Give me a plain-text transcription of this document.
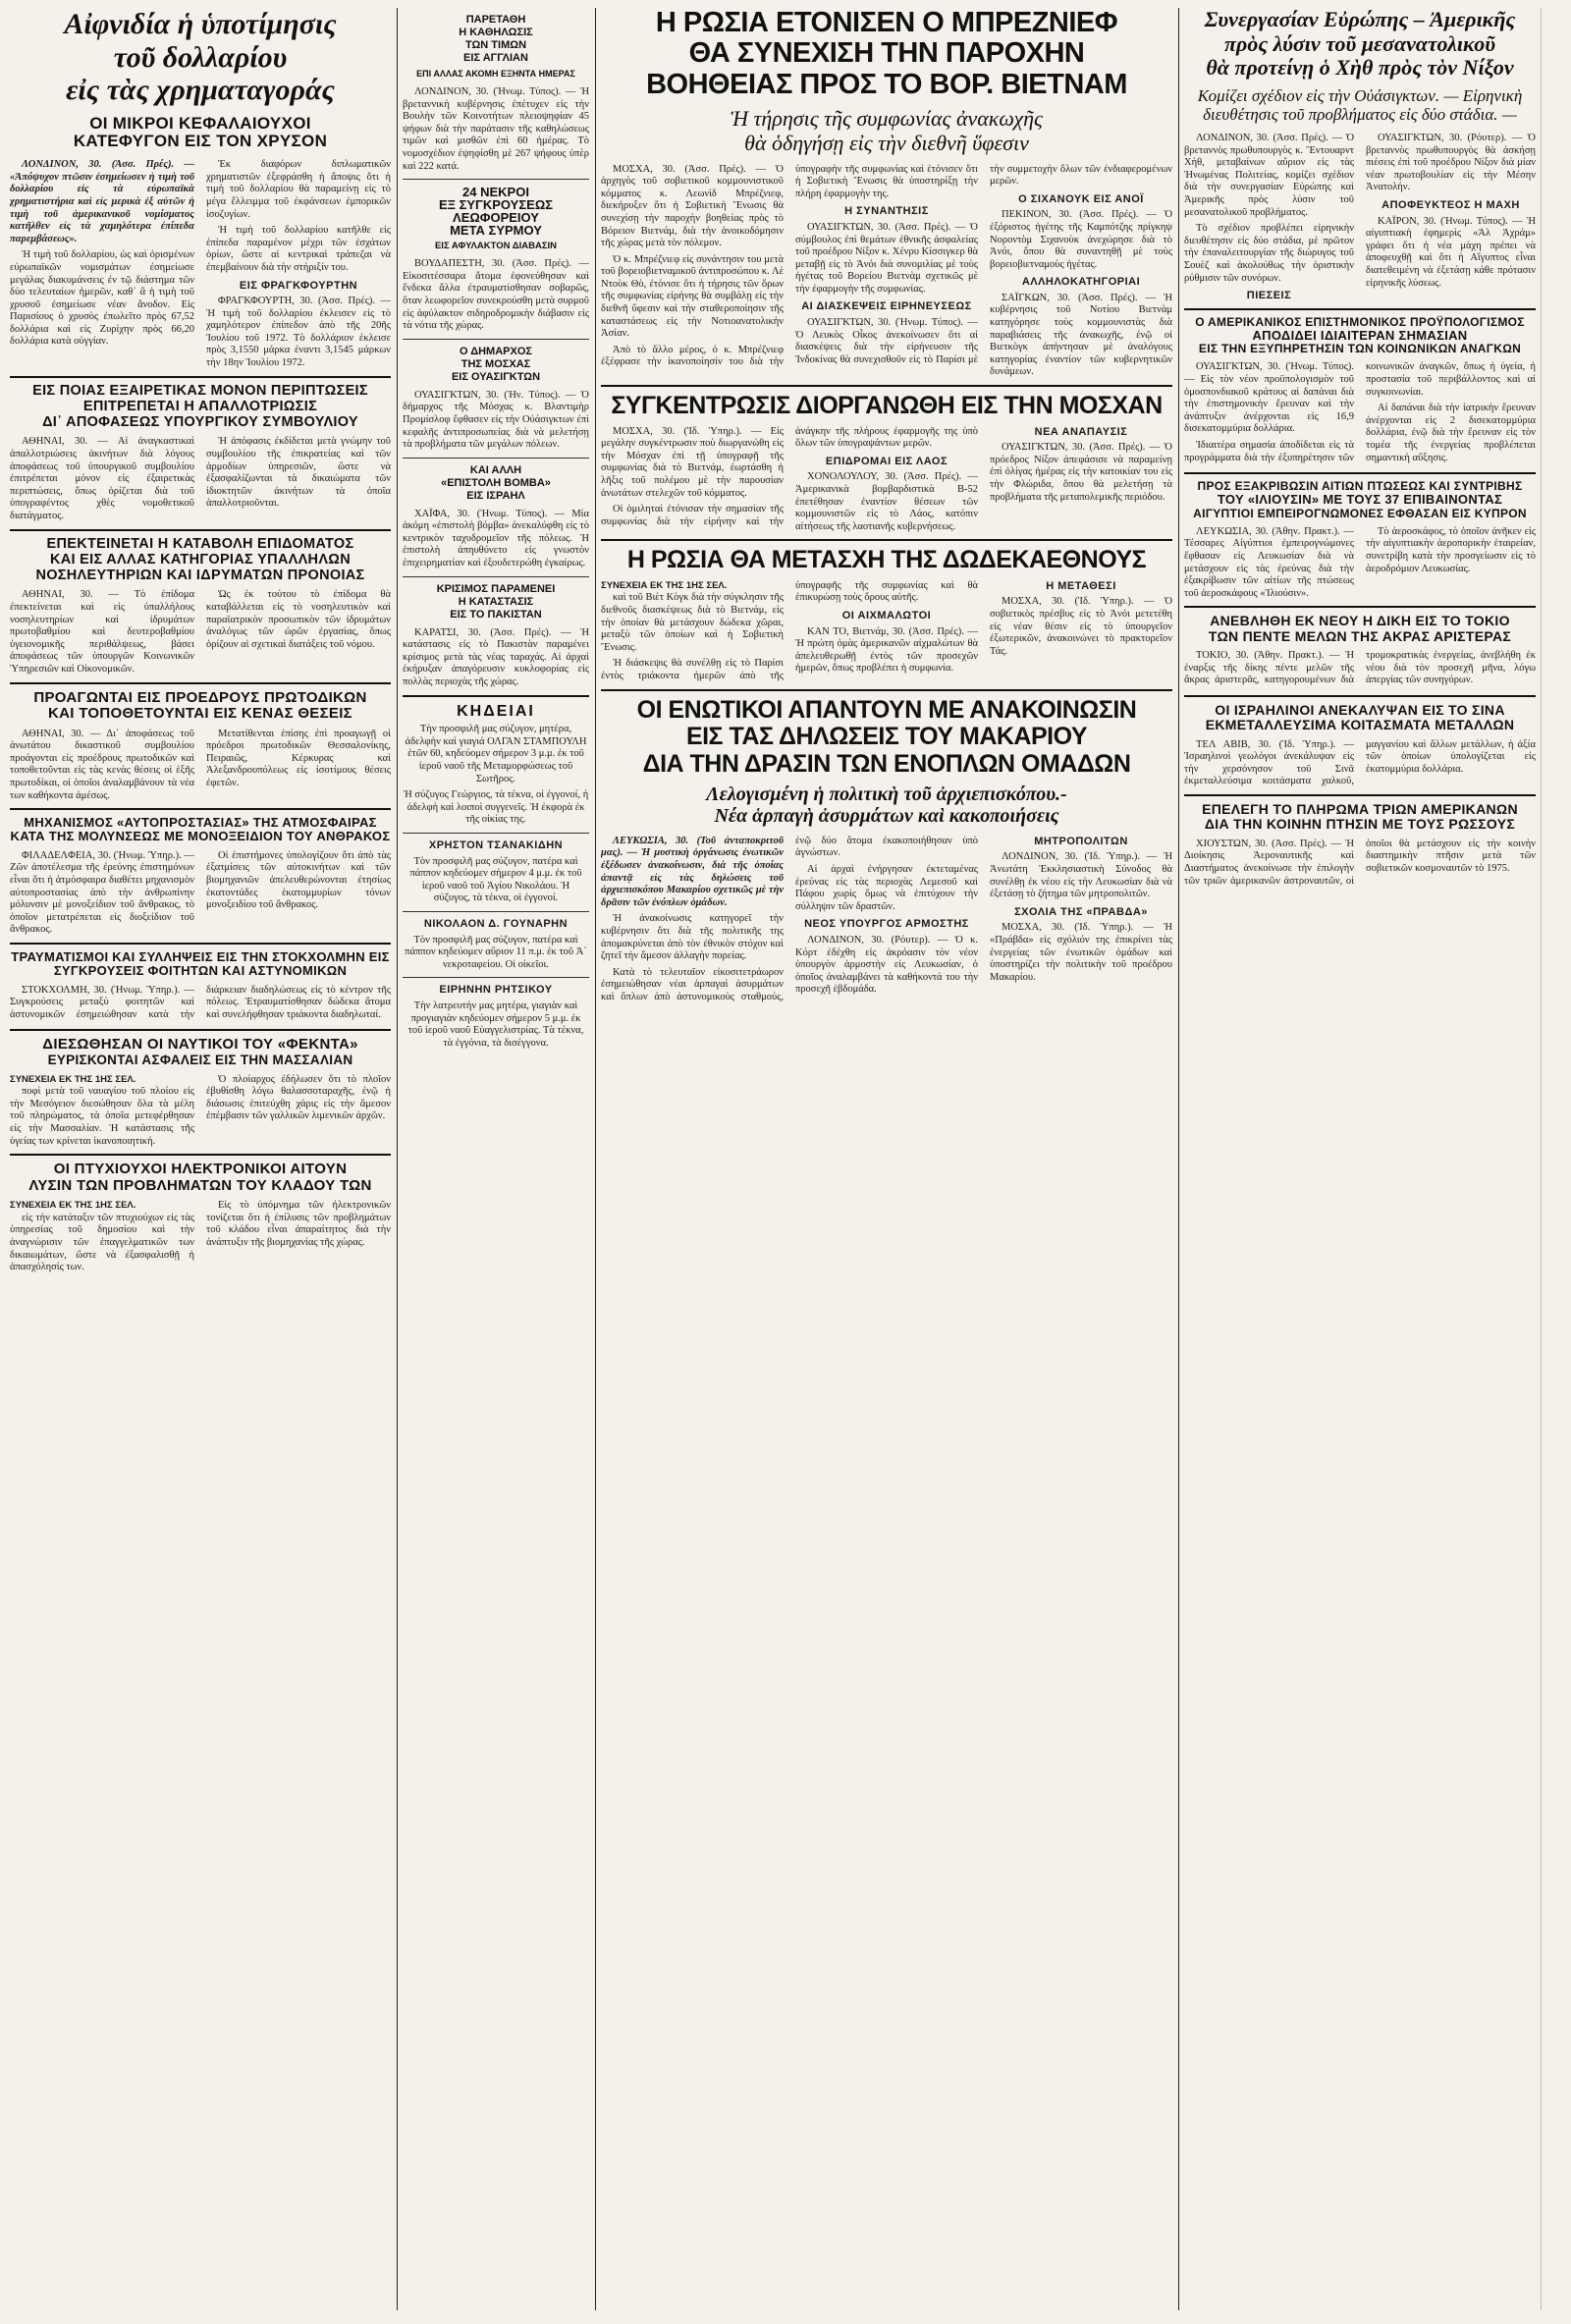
Αἰφνιδία ἡ ὑποτίμησις
τοῦ δολλαρίου
εἰς τὰς χρηματαγοράς
ΟΙ ΜΙΚΡΟΙ ΚΕΦΑΛΑΙΟΥΧΟΙ
ΚΑΤΕΦΥΓΟΝ ΕΙΣ ΤΟΝ ΧΡΥΣΟΝ

ΛΟΝΔΙΝΟΝ, 30. (Ἀσσ. Πρές). — «Ἀπόψυχον πτῶσιν ἐσημείωσεν ἡ τιμὴ τοῦ δολλαρίου εἰς τὰ εὐρωπαϊκὰ χρηματιστήρια καὶ εἰς μερικὰ ἐξ αὐτῶν ἡ τιμὴ τοῦ ἀμερικανικοῦ νομίσματος κατῆλθεν εἰς τὰ χαμηλότερα ἐπίπεδα παρεμβάσεως».

Ἡ τιμὴ τοῦ δολλαρίου, ὡς καὶ ὁρισμένων εὐρωπαϊκῶν νομισμάτων ἐσημείωσε μεγάλας διακυμάνσεις ἐν τῷ διάστημα τῶν δύο τελευταίων ἡμερῶν, καθ᾿ ἃ ἡ τιμὴ τοῦ χρυσοῦ ἐσημείωσε νέαν ἄνοδον. Εἰς Παρισίους ὁ χρυσὸς ἐπωλεῖτο πρὸς 67,52 δολλάρια καὶ εἰς Ζυρίχην πρὸς 66,20 δολλάρια κατὰ οὐγγίαν.

Ἐκ διαφόρων διπλωματικῶν χρηματιστῶν ἐξεφράσθη ἡ ἄποψις ὅτι ἡ τιμὴ τοῦ δολλαρίου θὰ παραμείνῃ εἰς τὸ μέγα ἔλλειμμα τοῦ ἐκφάνσεων ἐμπορικῶν ἰσοζυγίων.

Ἡ τιμὴ τοῦ δολλαρίου κατῆλθε εἰς ἐπίπεδα παραμένον μέχρι τῶν ἐσχάτων ὁρίων, ὥστε αἱ κεντρικαὶ τράπεζαι νὰ ἐπεμβαίνουν διὰ τὴν στήριξίν του.

ΕΙΣ ΦΡΑΓΚΦΟΥΡΤΗΝ

ΦΡΑΓΚΦΟΥΡΤΗ, 30. (Ἀσσ. Πρές). — Ἡ τιμὴ τοῦ δολλαρίου ἐκλεισεν εἰς τὸ χαμηλότερον ἐπίπεδον ἀπὸ τῆς 20ῆς Ἰουλίου τοῦ 1972. Τὸ δολλάριον ἐκλεισε πρὸς 3,1550 μάρκα ἐναντι 3,1545 μάρκων τὴν 18ην Ἰουλίου 1972.

ΕΙΣ ΠΟΙΑΣ ΕΞΑΙΡΕΤΙΚΑΣ ΜΟΝΟΝ ΠΕΡΙΠΤΩΣΕΙΣ
ΕΠΙΤΡΕΠΕΤΑΙ Η ΑΠΑΛΛΟΤΡΙΩΣΙΣ
ΔΙ᾿ ΑΠΟΦΑΣΕΩΣ ΥΠΟΥΡΓΙΚΟΥ ΣΥΜΒΟΥΛΙΟΥ

ΑΘΗΝΑΙ, 30. — Αἱ ἀναγκαστικαὶ ἀπαλλοτριώσεις ἀκινήτων διὰ λόγους ἀποφάσεως τοῦ ὑπουργικοῦ συμβουλίου ἐπιτρέπεται μόνον εἰς ἐξαιρετικὰς περιπτώσεις, ὅπως ὁρίζεται διὰ τοῦ ὑπογραφέντος χθὲς νομοθετικοῦ διατάγματος.

Ἡ ἀπόφασις ἐκδίδεται μετὰ γνώμην τοῦ συμβουλίου τῆς ἐπικρατείας καὶ τῶν ἁρμοδίων ὑπηρεσιῶν, ὥστε νὰ ἐξασφαλίζωνται τὰ δικαιώματα τῶν ἰδιοκτητῶν ἀκινήτων τὰ ὁποῖα ἀπαλλοτριοῦνται.

ΕΠΕΚΤΕΙΝΕΤΑΙ Η ΚΑΤΑΒΟΛΗ ΕΠΙΔΟΜΑΤΟΣ
ΚΑΙ ΕΙΣ ΑΛΛΑΣ ΚΑΤΗΓΟΡΙΑΣ ΥΠΑΛΛΗΛΩΝ
ΝΟΣΗΛΕΥΤΗΡΙΩΝ ΚΑΙ ΙΔΡΥΜΑΤΩΝ ΠΡΟΝΟΙΑΣ

ΑΘΗΝΑΙ, 30. — Τὸ ἐπίδομα ἐπεκτείνεται καὶ εἰς ὑπαλλήλους νοσηλευτηρίων καὶ ἰδρυμάτων πρωτοβαθμίου καὶ δευτεροβαθμίου ὑγειονομικῆς περιθάλψεως, βάσει ἀποφάσεως τῶν ὑπουργῶν Κοινωνικῶν Ὑπηρεσιῶν καὶ Οἰκονομικῶν.

Ὡς ἐκ τούτου τὸ ἐπίδομα θὰ καταβάλλεται εἰς τὸ νοσηλευτικὸν καὶ παραϊατρικὸν προσωπικὸν τῶν ἰδρυμάτων ἀναλόγως τῶν ὡρῶν ἐργασίας, ὅπως ὁρίζουν αἱ σχετικαὶ διατάξεις τοῦ νόμου.

ΠΡΟΑΓΩΝΤΑΙ ΕΙΣ ΠΡΟΕΔΡΟΥΣ ΠΡΩΤΟΔΙΚΩΝ
ΚΑΙ ΤΟΠΟΘΕΤΟΥΝΤΑΙ ΕΙΣ ΚΕΝΑΣ ΘΕΣΕΙΣ

ΑΘΗΝΑΙ, 30. — Δι᾿ ἀποφάσεως τοῦ ἀνωτάτου δικαστικοῦ συμβουλίου προάγονται εἰς προέδρους πρωτοδικῶν καὶ τοποθετοῦνται εἰς τὰς κενὰς θέσεις οἱ ἑξῆς πρωτοδίκαι, οἱ ὁποῖοι ἀναλαμβάνουν τὰ νέα των καθήκοντα ἀμέσως.

Μετατίθενται ἐπίσης ἐπὶ προαγωγῇ οἱ πρόεδροι πρωτοδικῶν Θεσσαλονίκης, Πειραιῶς, Κέρκυρας καὶ Ἀλεξανδρουπόλεως εἰς ἰσοτίμους θέσεις ἐφετῶν.

ΜΗΧΑΝΙΣΜΟΣ «ΑΥΤΟΠΡΟΣΤΑΣΙΑΣ» ΤΗΣ ΑΤΜΟΣΦΑΙΡΑΣ
ΚΑΤΑ ΤΗΣ ΜΟΛΥΝΣΕΩΣ ΜΕ ΜΟΝΟΞΕΙΔΙΟΝ ΤΟΥ ΑΝΘΡΑΚΟΣ

ΦΙΛΑΔΕΛΦΕΙΑ, 30. (Ἡνωμ. Ὑπηρ.). — Ζῶν ἀποτέλεσμα τῆς ἐρεύνης ἐπιστημόνων εἶναι ὅτι ἡ ἀτμόσφαιρα διαθέτει μηχανισμὸν αὐτοπροστασίας ἀπὸ τὴν ἀνθρωπίνην μόλυνσιν μὲ μονοξείδιον τοῦ ἄνθρακος, τὸ ὁποῖον μετατρέπεται εἰς διοξείδιον τοῦ ἄνθρακος.

Οἱ ἐπιστήμονες ὑπολογίζουν ὅτι ἀπὸ τὰς ἐξατμίσεις τῶν αὐτοκινήτων καὶ τῶν βιομηχανιῶν ἀπελευθερώνονται ἐτησίως ἑκατοντάδες ἑκατομμυρίων τόνων μονοξειδίου τοῦ ἄνθρακος.

ΤΡΑΥΜΑΤΙΣΜΟΙ ΚΑΙ ΣΥΛΛΗΨΕΙΣ ΕΙΣ ΤΗΝ ΣΤΟΚΧΟΛΜΗΝ ΕΙΣ ΣΥΓΚΡΟΥΣΕΙΣ ΦΟΙΤΗΤΩΝ ΚΑΙ ΑΣΤΥΝΟΜΙΚΩΝ

ΣΤΟΚΧΟΛΜΗ, 30. (Ἡνωμ. Ὑπηρ.). — Συγκρούσεις μεταξὺ φοιτητῶν καὶ ἀστυνομικῶν ἐσημειώθησαν κατὰ τὴν διάρκειαν διαδηλώσεως εἰς τὸ κέντρον τῆς πόλεως. Ἐτραυματίσθησαν δώδεκα ἄτομα καὶ συνελήφθησαν τριάκοντα διαδηλωταί.

ΔΙΕΣΩΘΗΣΑΝ ΟΙ ΝΑΥΤΙΚΟΙ ΤΟΥ «ΦΕΚΝΤΑ»
ΕΥΡΙΣΚΟΝΤΑΙ ΑΣΦΑΛΕΙΣ ΕΙΣ ΤΗΝ ΜΑΣΣΑΛΙΑΝ
ΣΥΝΕΧΕΙΑ ΕΚ ΤΗΣ 1ΗΣ ΣΕΛ.

ποφὶ μετὰ τοῦ ναυαγίου τοῦ πλοίου εἰς τὴν Μεσόγειον διεσώθησαν ὅλα τὰ μέλη τοῦ πληρώματος, τὰ ὁποῖα μετεφέρθησαν εἰς τὴν Μασσαλίαν. Ἡ κατάστασις τῆς ὑγείας των κρίνεται ἱκανοποιητική.

Ὁ πλοίαρχος ἐδήλωσεν ὅτι τὸ πλοῖον ἐβυθίσθη λόγω θαλασσοταραχῆς, ἐνῷ ἡ διάσωσις ἐπιτεύχθη χάρις εἰς τὴν ἄμεσον ἐπέμβασιν τῶν γαλλικῶν λιμενικῶν ἀρχῶν.

ΟΙ ΠΤΥΧΙΟΥΧΟΙ ΗΛΕΚΤΡΟΝΙΚΟΙ ΑΙΤΟΥΝ
ΛΥΣΙΝ ΤΩΝ ΠΡΟΒΛΗΜΑΤΩΝ ΤΟΥ ΚΛΑΔΟΥ ΤΩΝ
ΣΥΝΕΧΕΙΑ ΕΚ ΤΗΣ 1ΗΣ ΣΕΛ.

εἰς τὴν κατάταξιν τῶν πτυχιούχων εἰς τὰς ὑπηρεσίας τοῦ δημοσίου καὶ τὴν ἀναγνώρισιν τῶν ἐπαγγελματικῶν των δικαιωμάτων, ὥστε νὰ ἐξασφαλισθῇ ἡ ἀπασχόλησίς των.

Εἰς τὸ ὑπόμνημα τῶν ἠλεκτρονικῶν τονίζεται ὅτι ἡ ἐπίλυσις τῶν προβλημάτων τοῦ κλάδου εἶναι ἀπαραίτητος διὰ τὴν ἀνάπτυξιν τῆς βιομηχανίας τῆς χώρας.

ΠΑΡΕΤΑΘΗ
Η ΚΑΘΗΛΩΣΙΣ
ΤΩΝ ΤΙΜΩΝ
ΕΙΣ ΑΓΓΛΙΑΝ
ΕΠΙ ΑΛΛΑΣ ΑΚΟΜΗ ΕΞΗΝΤΑ ΗΜΕΡΑΣ

ΛΟΝΔΙΝΟΝ, 30. (Ἡνωμ. Τύπος). — Ἡ βρεταννικὴ κυβέρνησις ἐπέτυχεν εἰς τὴν Βουλὴν τῶν Κοινοτήτων πλειοψηφίαν 45 ψήφων διὰ τὴν παράτασιν τῆς καθηλώσεως τιμῶν καὶ μισθῶν ἐπὶ 60 ἡμέρας. Τὸ νομοσχέδιον ἐψηφίσθη μὲ 267 ψήφους ὑπὲρ καὶ 222 κατά.

24 ΝΕΚΡΟΙ
ΕΞ ΣΥΓΚΡΟΥΣΕΩΣ
ΛΕΩΦΟΡΕΙΟΥ
ΜΕΤΑ ΣΥΡΜΟΥ
ΕΙΣ ΑΦΥΛΑΚΤΟΝ ΔΙΑΒΑΣΙΝ

ΒΟΥΔΑΠΕΣΤΗ, 30. (Ἀσσ. Πρές). — Εἰκοσιτέσσαρα ἄτομα ἐφονεύθησαν καὶ ἕνδεκα ἄλλα ἐτραυματίσθησαν σοβαρῶς, ὅταν λεωφορεῖον συνεκρούσθη μετὰ συρμοῦ εἰς ἀφύλακτον σιδηροδρομικὴν διάβασιν εἰς τὰ νότια τῆς χώρας.

Ο ΔΗΜΑΡΧΟΣ
ΤΗΣ ΜΟΣΧΑΣ
ΕΙΣ ΟΥΑΣΙΓΚΤΩΝ

ΟΥΑΣΙΓΚΤΩΝ, 30. (Ἡν. Τύπος). — Ὁ δήμαρχος τῆς Μόσχας κ. Βλαντιμὴρ Προμίσλοφ ἔφθασεν εἰς τὴν Οὐάσιγκτων ἐπὶ κεφαλῆς ἀντιπροσωπείας διὰ νὰ μελετήσῃ τὰ προβλήματα τῶν μεγάλων πόλεων.

ΚΑΙ ΑΛΛΗ
«ΕΠΙΣΤΟΛΗ ΒΟΜΒΑ»
ΕΙΣ ΙΣΡΑΗΛ

ΧΑΪΦΑ, 30. (Ἡνωμ. Τύπος). — Μία ἀκόμη «ἐπιστολὴ βόμβα» ἀνεκαλύφθη εἰς τὸ κεντρικὸν ταχυδρομεῖον τῆς πόλεως. Ἡ ἐπιστολὴ ἀπηυθύνετο εἰς γνωστὸν ἐπιχειρηματίαν καὶ ἐξουδετερώθη ἐγκαίρως.

ΚΡΙΣΙΜΟΣ ΠΑΡΑΜΕΝΕΙ
Η ΚΑΤΑΣΤΑΣΙΣ
ΕΙΣ ΤΟ ΠΑΚΙΣΤΑΝ

ΚΑΡΑΤΣΙ, 30. (Ἀσσ. Πρές). — Ἡ κατάστασις εἰς τὸ Πακιστὰν παραμένει κρίσιμος μετὰ τὰς νέας ταραχάς. Αἱ ἀρχαὶ ἐκήρυξαν ἀπαγόρευσιν κυκλοφορίας εἰς πολλὰς περιοχὰς τῆς χώρας.

ΚΗΔΕΙΑΙ

Τὴν προσφιλῆ μας σύζυγον, μητέρα, ἀδελφὴν καὶ γιαγιά ΟΛΓΑΝ ΣΤΑΜΠΟΥΛΗ ἐτῶν 60, κηδεύομεν σήμερον 3 μ.μ. ἐκ τοῦ ἱεροῦ ναοῦ τῆς Μεταμορφώσεως τοῦ Σωτῆρος.

Ἡ σύζυγος Γεώργιος, τὰ τέκνα, οἱ ἐγγονοί, ἡ ἀδελφὴ καὶ λοιποὶ συγγενεῖς. Ἡ ἐκφορὰ ἐκ τῆς οἰκίας της.

ΧΡΗΣΤΟΝ ΤΣΑΝΑΚΙΔΗΝ

Τὸν προσφιλῆ μας σύζυγον, πατέρα καὶ πάππον κηδεύομεν σήμερον 4 μ.μ. ἐκ τοῦ ἱεροῦ ναοῦ τοῦ Ἁγίου Νικολάου. Ἡ σύζυγος, τὰ τέκνα, οἱ ἐγγονοί.

ΝΙΚΟΛΑΟΝ Δ. ΓΟΥΝΑΡΗΝ

Τὸν προσφιλῆ μας σύζυγον, πατέρα καὶ πάππον κηδεύομεν αὔριον 11 π.μ. ἐκ τοῦ Ἀ΄ νεκροταφείου. Οἱ οἰκεῖοι.

ΕΙΡΗΝΗΝ ΡΗΤΣΙΚΟΥ

Τὴν λατρευτήν μας μητέρα, γιαγιὰν καὶ προγιαγιὰν κηδεύομεν σήμερον 5 μ.μ. ἐκ τοῦ ἱεροῦ ναοῦ Εὐαγγελιστρίας. Τὰ τέκνα, τὰ ἐγγόνια, τὰ δισέγγονα.

Η ΡΩΣΙΑ ΕΤΟΝΙΣΕΝ Ο ΜΠΡΕΖΝΙΕΦ
ΘΑ ΣΥΝΕΧΙΣΗ ΤΗΝ ΠΑΡΟΧΗΝ
ΒΟΗΘΕΙΑΣ ΠΡΟΣ ΤΟ ΒΟΡ. ΒΙΕΤΝΑΜ
Ἡ τήρησις τῆς συμφωνίας ἀνακωχῆς
θὰ ὁδηγήσῃ εἰς τὴν διεθνῆ ὕφεσιν

ΜΟΣΧΑ, 30. (Ἀσσ. Πρές). — Ὁ ἀρχηγὸς τοῦ σοβιετικοῦ κομμουνιστικοῦ κόμματος κ. Λεωνὶδ Μπρέζνιεφ, διεκήρυξεν ὅτι ἡ Σοβιετικὴ Ἕνωσις θὰ συνεχίσῃ τὴν παροχὴν βοηθείας πρὸς τὸ Βόρειον Βιετνάμ, διὰ τὴν ἀνοικοδόμησιν τῆς χώρας μετὰ τὸν πόλεμον.

Ὁ κ. Μπρέζνιεφ εἰς συνάντησιν του μετὰ τοῦ βορειοβιετναμικοῦ ἀντιπροσώπου κ. Λὲ Ντοὺκ Θὸ, ἐτόνισε ὅτι ἡ τήρησις τῶν ὅρων τῆς συμφωνίας εἰρήνης θὰ συμβάλῃ εἰς τὴν διεθνῆ ὕφεσιν καὶ τὴν σταθεροποίησιν τῆς καταστάσεως εἰς τὴν Νοτιοανατολικὴν Ἀσίαν.

Ἀπὸ τὸ ἄλλο μέρος, ὁ κ. Μπρέζνιεφ ἐξέφρασε τὴν ἱκανοποίησίν του διὰ τὴν ὑπογραφὴν τῆς συμφωνίας καὶ ἐτόνισεν ὅτι ἡ Σοβιετικὴ Ἕνωσις θὰ ὑποστηρίξῃ τὴν πλήρη ἐφαρμογὴν της.

Η ΣΥΝΑΝΤΗΣΙΣ

ΟΥΑΣΙΓΚΤΩΝ, 30. (Ἀσσ. Πρές). — Ὁ σύμβουλος ἐπὶ θεμάτων ἐθνικῆς ἀσφαλείας τοῦ προέδρου Νίξον κ. Χένρυ Κίσσιγκερ θὰ μεταβῇ εἰς τὸ Ἀνόι διὰ συνομιλίας μὲ τοὺς ἡγέτας τοῦ Βορείου Βιετνὰμ σχετικῶς μὲ τὴν ἐφαρμογὴν τῆς συμφωνίας.

ΑΙ ΔΙΑΣΚΕΨΕΙΣ ΕΙΡΗΝΕΥΣΕΩΣ

ΟΥΑΣΙΓΚΤΩΝ, 30. (Ἡνωμ. Τύπος). — Ὁ Λευκὸς Οἶκος ἀνεκοίνωσεν ὅτι αἱ διασκέψεις διὰ τὴν εἰρήνευσιν τῆς Ἰνδοκίνας θὰ συνεχισθοῦν εἰς τὸ Παρίσι μὲ τὴν συμμετοχὴν ὅλων τῶν ἐνδιαφερομένων μερῶν.

Ο ΣΙΧΑΝΟΥΚ ΕΙΣ ΑΝΟΪ

ΠΕΚΙΝΟΝ, 30. (Ἀσσ. Πρές). — Ὁ ἐξόριστος ἡγέτης τῆς Καμπότζης πρίγκηψ Νοροντὸμ Σιχανοὺκ ἀνεχώρησε διὰ τὸ Ἀνόι, ὅπου θὰ συναντηθῇ μὲ τοὺς βορειοβιετναμοὺς ἡγέτας.

ΑΛΛΗΛΟΚΑΤΗΓΟΡΙΑΙ

ΣΑΪΓΚΩΝ, 30. (Ἀσσ. Πρές). — Ἡ κυβέρνησις τοῦ Νοτίου Βιετνὰμ κατηγόρησε τοὺς κομμουνιστὰς διὰ παραβιάσεις τῆς ἀνακωχῆς, ἐνῷ οἱ Βιετκὸγκ ἀπήντησαν μὲ ἀναλόγους κατηγορίας ἐναντίον τῶν κυβερνητικῶν δυνάμεων.

ΣΥΓΚΕΝΤΡΩΣΙΣ ΔΙΟΡΓΑΝΩΘΗ ΕΙΣ ΤΗΝ ΜΟΣΧΑΝ

ΜΟΣΧΑ, 30. (Ἰδ. Ὑπηρ.). — Εἰς μεγάλην συγκέντρωσιν ποὺ διωργανώθη εἰς τὴν Μόσχαν ἐπὶ τῇ ὑπογραφῇ τῆς συμφωνίας διὰ τὸ Βιετνάμ, ἐωρτάσθη ἡ λῆξις τοῦ πολέμου μὲ τὴν παρουσίαν ἀνωτάτων στελεχῶν τοῦ κόμματος.

Οἱ ὁμιληταὶ ἐτόνισαν τὴν σημασίαν τῆς συμφωνίας διὰ τὴν εἰρήνην καὶ τὴν ἀνάγκην τῆς πλήρους ἐφαρμογῆς της ὑπὸ ὅλων τῶν ὑπογραψάντων μερῶν.

ΕΠΙΔΡΟΜΑΙ ΕΙΣ ΛΑΟΣ

ΧΟΝΟΛΟΥΛΟΥ, 30. (Ἀσσ. Πρές). — Ἀμερικανικὰ βομβαρδιστικὰ Β-52 ἐπετέθησαν ἐναντίον θέσεων τῶν κομμουνιστῶν εἰς τὸ Λάος, κατόπιν αἰτήσεως τῆς λαοτιανῆς κυβερνήσεως.

ΝΕΑ ΑΝΑΠΑΥΣΙΣ

ΟΥΑΣΙΓΚΤΩΝ, 30. (Ἀσσ. Πρές). — Ὁ πρόεδρος Νίξον ἀπεφάσισε νὰ παραμείνῃ ἐπὶ ὀλίγας ἡμέρας εἰς τὴν κατοικίαν του εἰς τὴν Φλώριδα, ὅπου θὰ μελετήσῃ τὰ προβλήματα τῆς μεταπολεμικῆς περιόδου.

Η ΡΩΣΙΑ ΘΑ ΜΕΤΑΣΧΗ ΤΗΣ ΔΩΔΕΚΑΕΘΝΟΥΣ
ΣΥΝΕΧΕΙΑ ΕΚ ΤΗΣ 1ΗΣ ΣΕΛ.

καὶ τοῦ Βιὲτ Κὸγκ διὰ τὴν σύγκλησιν τῆς διεθνοῦς διασκέψεως διὰ τὸ Βιετνάμ, εἰς τὴν ὁποίαν θὰ μετάσχουν δώδεκα χῶραι, μεταξὺ τῶν ὁποίων καὶ ἡ Σοβιετικὴ Ἕνωσις.

Ἡ διάσκεψις θὰ συνέλθῃ εἰς τὸ Παρίσι ἐντὸς τριάκοντα ἡμερῶν ἀπὸ τῆς ὑπογραφῆς τῆς συμφωνίας καὶ θὰ ἐπικυρώσῃ τοὺς ὅρους αὐτῆς.

ΟΙ ΑΙΧΜΑΛΩΤΟΙ

ΚΑΝ ΤΟ, Βιετνάμ, 30. (Ἀσσ. Πρές). — Ἡ πρώτη ὁμὰς ἀμερικανῶν αἰχμαλώτων θὰ ἀπελευθερωθῇ ἐντὸς τῶν προσεχῶν ἡμερῶν, ὅπως προβλέπει ἡ συμφωνία.

Η ΜΕΤΑΘΕΣΙ

ΜΟΣΧΑ, 30. (Ἰδ. Ὑπηρ.). — Ὁ σοβιετικὸς πρέσβυς εἰς τὸ Ἀνόι μετετέθη εἰς νέαν θέσιν εἰς τὸ ὑπουργεῖον ἐξωτερικῶν, ἀνακοινώνει τὸ πρακτορεῖον Τάς.

ΟΙ ΕΝΩΤΙΚΟΙ ΑΠΑΝΤΟΥΝ ΜΕ ΑΝΑΚΟΙΝΩΣΙΝ
ΕΙΣ ΤΑΣ ΔΗΛΩΣΕΙΣ ΤΟΥ ΜΑΚΑΡΙΟΥ
ΔΙΑ ΤΗΝ ΔΡΑΣΙΝ ΤΩΝ ΕΝΟΠΛΩΝ ΟΜΑΔΩΝ
Λελογισμένη ἡ πολιτικὴ τοῦ ἀρχιεπισκόπου.-
Νέα ἁρπαγὴ ἀσυρμάτων καὶ κακοποιήσεις

ΛΕΥΚΩΣΙΑ, 30. (Τοῦ ἀνταποκριτοῦ μας). — Ἡ μυστικὴ ὀργάνωσις ἐνωτικῶν ἐξέδωσεν ἀνακοίνωσιν, διὰ τῆς ὁποίας ἀπαντᾷ εἰς τὰς δηλώσεις τοῦ ἀρχιεπισκόπου Μακαρίου σχετικῶς μὲ τὴν δρᾶσιν τῶν ἐνόπλων ὁμάδων.

Ἡ ἀνακοίνωσις κατηγορεῖ τὴν κυβέρνησιν ὅτι διὰ τῆς πολιτικῆς της ἀπομακρύνεται ἀπὸ τὸν ἐθνικὸν στόχον καὶ ζητεῖ τὴν ἄμεσον ἀλλαγὴν πορείας.

Κατὰ τὸ τελευταῖον εἰκοσιτετράωρον ἐσημειώθησαν νέαι ἁρπαγαὶ ἀσυρμάτων καὶ ὅπλων ἀπὸ ἀστυνομικοὺς σταθμούς, ἐνῷ δύο ἄτομα ἐκακοποιήθησαν ὑπὸ ἀγνώστων.

Αἱ ἀρχαὶ ἐνήργησαν ἐκτεταμένας ἐρεύνας εἰς τὰς περιοχὰς Λεμεσοῦ καὶ Πάφου χωρὶς ὅμως νὰ ἐπιτύχουν τὴν σύλληψιν τῶν δραστῶν.

ΝΕΟΣ ΥΠΟΥΡΓΟΣ ΑΡΜΟΣΤΗΣ

ΛΟΝΔΙΝΟΝ, 30. (Ρόυτερ). — Ὁ κ. Κόρτ ἐδέχθη εἰς ἀκρόασιν τὸν νέον ὑπουργὸν ἁρμοστὴν εἰς Λευκωσίαν, ὁ ὁποῖος ἀναλαμβάνει τὰ καθήκοντά του τὴν προσεχῆ ἑβδομάδα.

ΜΗΤΡΟΠΟΛΙΤΩΝ

ΛΟΝΔΙΝΟΝ, 30. (Ἰδ. Ὑπηρ.). — Ἡ Ἀνωτάτη Ἐκκλησιαστικὴ Σύνοδος θὰ συνέλθῃ ἐκ νέου εἰς τὴν Λευκωσίαν διὰ νὰ ἐξετάσῃ τὸ ζήτημα τῶν μητροπολιτῶν.

ΣΧΟΛΙΑ ΤΗΣ «ΠΡΑΒΔΑ»

ΜΟΣΧΑ, 30. (Ἰδ. Ὑπηρ.). — Ἡ «Πράβδα» εἰς σχόλιόν της ἐπικρίνει τὰς ἐνεργείας τῶν ἐνωτικῶν ὁμάδων καὶ ὑποστηρίζει τὴν πολιτικὴν τοῦ προέδρου Μακαρίου.

Συνεργασίαν Εὐρώπης – Ἀμερικῆς
πρὸς λύσιν τοῦ μεσανατολικοῦ
θὰ προτείνῃ ὁ Χὴθ πρὸς τὸν Νίξον
Κομίζει σχέδιον εἰς τὴν Οὐάσιγκτων. — Εἰρηνικὴ διευθέτησις τοῦ προβλήματος εἰς δύο στάδια. —

ΛΟΝΔΙΝΟΝ, 30. (Ἀσσ. Πρές). — Ὁ βρεταννὸς πρωθυπουργὸς κ. Ἔντουαρντ Χὴθ, μεταβαίνων αὔριον εἰς τὰς Ἡνωμένας Πολιτείας, κομίζει σχέδιον διὰ τὴν συνεργασίαν Εὐρώπης καὶ Ἀμερικῆς πρὸς λύσιν τοῦ μεσανατολικοῦ προβλήματος.

Τὸ σχέδιον προβλέπει εἰρηνικὴν διευθέτησιν εἰς δύο στάδια, μὲ πρῶτον τὴν ἐπαναλειτουργίαν τῆς διώρυγος τοῦ Σουὲζ καὶ ἀκολούθως τὴν ὁριστικὴν ρύθμισιν τῶν συνόρων.

ΠΙΕΣΕΙΣ

ΟΥΑΣΙΓΚΤΩΝ, 30. (Ρόυτερ). — Ὁ βρεταννὸς πρωθυπουργὸς θὰ ἀσκήσῃ πιέσεις ἐπὶ τοῦ προέδρου Νίξον διὰ μίαν νέαν πρωτοβουλίαν εἰς τὴν Μέσην Ἀνατολήν.

ΑΠΟΦΕΥΚΤΕΟΣ Η ΜΑΧΗ

ΚΑΪΡΟΝ, 30. (Ἡνωμ. Τύπος). — Ἡ αἰγυπτιακὴ ἐφημερὶς «Ἀλ Ἀχράμ» γράφει ὅτι ἡ νέα μάχη πρέπει νὰ ἀποφευχθῇ καὶ ὅτι ἡ Αἴγυπτος εἶναι διατεθειμένη νὰ ἐξετάσῃ κάθε πρότασιν εἰρηνικῆς λύσεως.

Ο ΑΜΕΡΙΚΑΝΙΚΟΣ ΕΠΙΣΤΗΜΟΝΙΚΟΣ ΠΡΟΫΠΟΛΟΓΙΣΜΟΣ
ΑΠΟΔΙΔΕΙ ΙΔΙΑΙΤΕΡΑΝ ΣΗΜΑΣΙΑΝ
ΕΙΣ ΤΗΝ ΕΞΥΠΗΡΕΤΗΣΙΝ ΤΩΝ ΚΟΙΝΩΝΙΚΩΝ ΑΝΑΓΚΩΝ

ΟΥΑΣΙΓΚΤΩΝ, 30. (Ἡνωμ. Τύπος). — Εἰς τὸν νέον προϋπολογισμὸν τοῦ ὁμοσπονδιακοῦ κράτους αἱ δαπάναι διὰ τὴν ἐπιστημονικὴν ἔρευναν καὶ τὴν ἀνάπτυξιν ἀνέρχονται εἰς 16,9 δισεκατομμύρια δολλάρια.

Ἰδιαιτέρα σημασία ἀποδίδεται εἰς τὰ προγράμματα διὰ τὴν ἐξυπηρέτησιν τῶν κοινωνικῶν ἀναγκῶν, ὅπως ἡ ὑγεία, ἡ προστασία τοῦ περιβάλλοντος καὶ αἱ συγκοινωνίαι.

Αἱ δαπάναι διὰ τὴν ἰατρικὴν ἔρευναν ἀνέρχονται εἰς 2 δισεκατομμύρια δολλάρια, ἐνῷ διὰ τὴν ἔρευναν εἰς τὸν τομέα τῆς ἐνεργείας προβλέπεται σημαντικὴ αὔξησις.

ΠΡΟΣ ΕΞΑΚΡΙΒΩΣΙΝ ΑΙΤΙΩΝ ΠΤΩΣΕΩΣ ΚΑΙ ΣΥΝΤΡΙΒΗΣ
ΤΟΥ «ΙΛΙΟΥΣΙΝ» ΜΕ ΤΟΥΣ 37 ΕΠΙΒΑΙΝΟΝΤΑΣ
ΑΙΓΥΠΤΙΟΙ ΕΜΠΕΙΡΟΓΝΩΜΟΝΕΣ ΕΦΘΑΣΑΝ ΕΙΣ ΚΥΠΡΟΝ

ΛΕΥΚΩΣΙΑ, 30. (Ἀθην. Πρακτ.). — Τέσσαρες Αἰγύπτιοι ἐμπειρογνώμονες ἔφθασαν εἰς Λευκωσίαν διὰ νὰ μετάσχουν εἰς τὰς ἐρεύνας διὰ τὴν ἐξακρίβωσιν τῶν αἰτίων τῆς πτώσεως τοῦ ἀεροσκάφους «Ἰλιούσιν».

Τὸ ἀεροσκάφος, τὸ ὁποῖον ἀνῆκεν εἰς τὴν αἰγυπτιακὴν ἀεροπορικὴν ἑταιρείαν, συνετρίβη κατὰ τὴν προσγείωσιν εἰς τὸ ἀεροδρόμιον Λευκωσίας.

ΑΝΕΒΛΗΘΗ ΕΚ ΝΕΟΥ Η ΔΙΚΗ ΕΙΣ ΤΟ ΤΟΚΙΟ
ΤΩΝ ΠΕΝΤΕ ΜΕΛΩΝ ΤΗΣ ΑΚΡΑΣ ΑΡΙΣΤΕΡΑΣ

ΤΟΚΙΟ, 30. (Ἀθην. Πρακτ.). — Ἡ ἐναρξις τῆς δίκης πέντε μελῶν τῆς ἄκρας ἀριστερᾶς, κατηγορουμένων διὰ τρομοκρατικὰς ἐνεργείας, ἀνεβλήθη ἐκ νέου διὰ τὸν προσεχῆ μῆνα, λόγω ἀπεργίας τῶν συνηγόρων.

ΟΙ ΙΣΡΑΗΛΙΝΟΙ ΑΝΕΚΑΛΥΨΑΝ ΕΙΣ ΤΟ ΣΙΝΑ
ΕΚΜΕΤΑΛΛΕΥΣΙΜΑ ΚΟΙΤΑΣΜΑΤΑ ΜΕΤΑΛΛΩΝ

ΤΕΛ ΑΒΙΒ, 30. (Ἰδ. Ὑπηρ.). — Ἰσραηλινοὶ γεωλόγοι ἀνεκάλυψαν εἰς τὴν χερσόνησον τοῦ Σινᾶ ἐκμεταλλεύσιμα κοιτάσματα χαλκοῦ, μαγγανίου καὶ ἄλλων μετάλλων, ἡ ἀξία τῶν ὁποίων ὑπολογίζεται εἰς ἑκατομμύρια δολλάρια.

ΕΠΕΛΕΓΗ ΤΟ ΠΛΗΡΩΜΑ ΤΡΙΩΝ ΑΜΕΡΙΚΑΝΩΝ
ΔΙΑ ΤΗΝ ΚΟΙΝΗΝ ΠΤΗΣΙΝ ΜΕ ΤΟΥΣ ΡΩΣΣΟΥΣ

ΧΙΟΥΣΤΩΝ, 30. (Ἀσσ. Πρές). — Ἡ Διοίκησις Ἀεροναυτικῆς καὶ Διαστήματος ἀνεκοίνωσε τὴν ἐπιλογὴν τῶν τριῶν ἀμερικανῶν ἀστροναυτῶν, οἱ ὁποῖοι θὰ μετάσχουν εἰς τὴν κοινὴν διαστημικὴν πτῆσιν μετὰ τῶν σοβιετικῶν κοσμοναυτῶν τὸ 1975.
